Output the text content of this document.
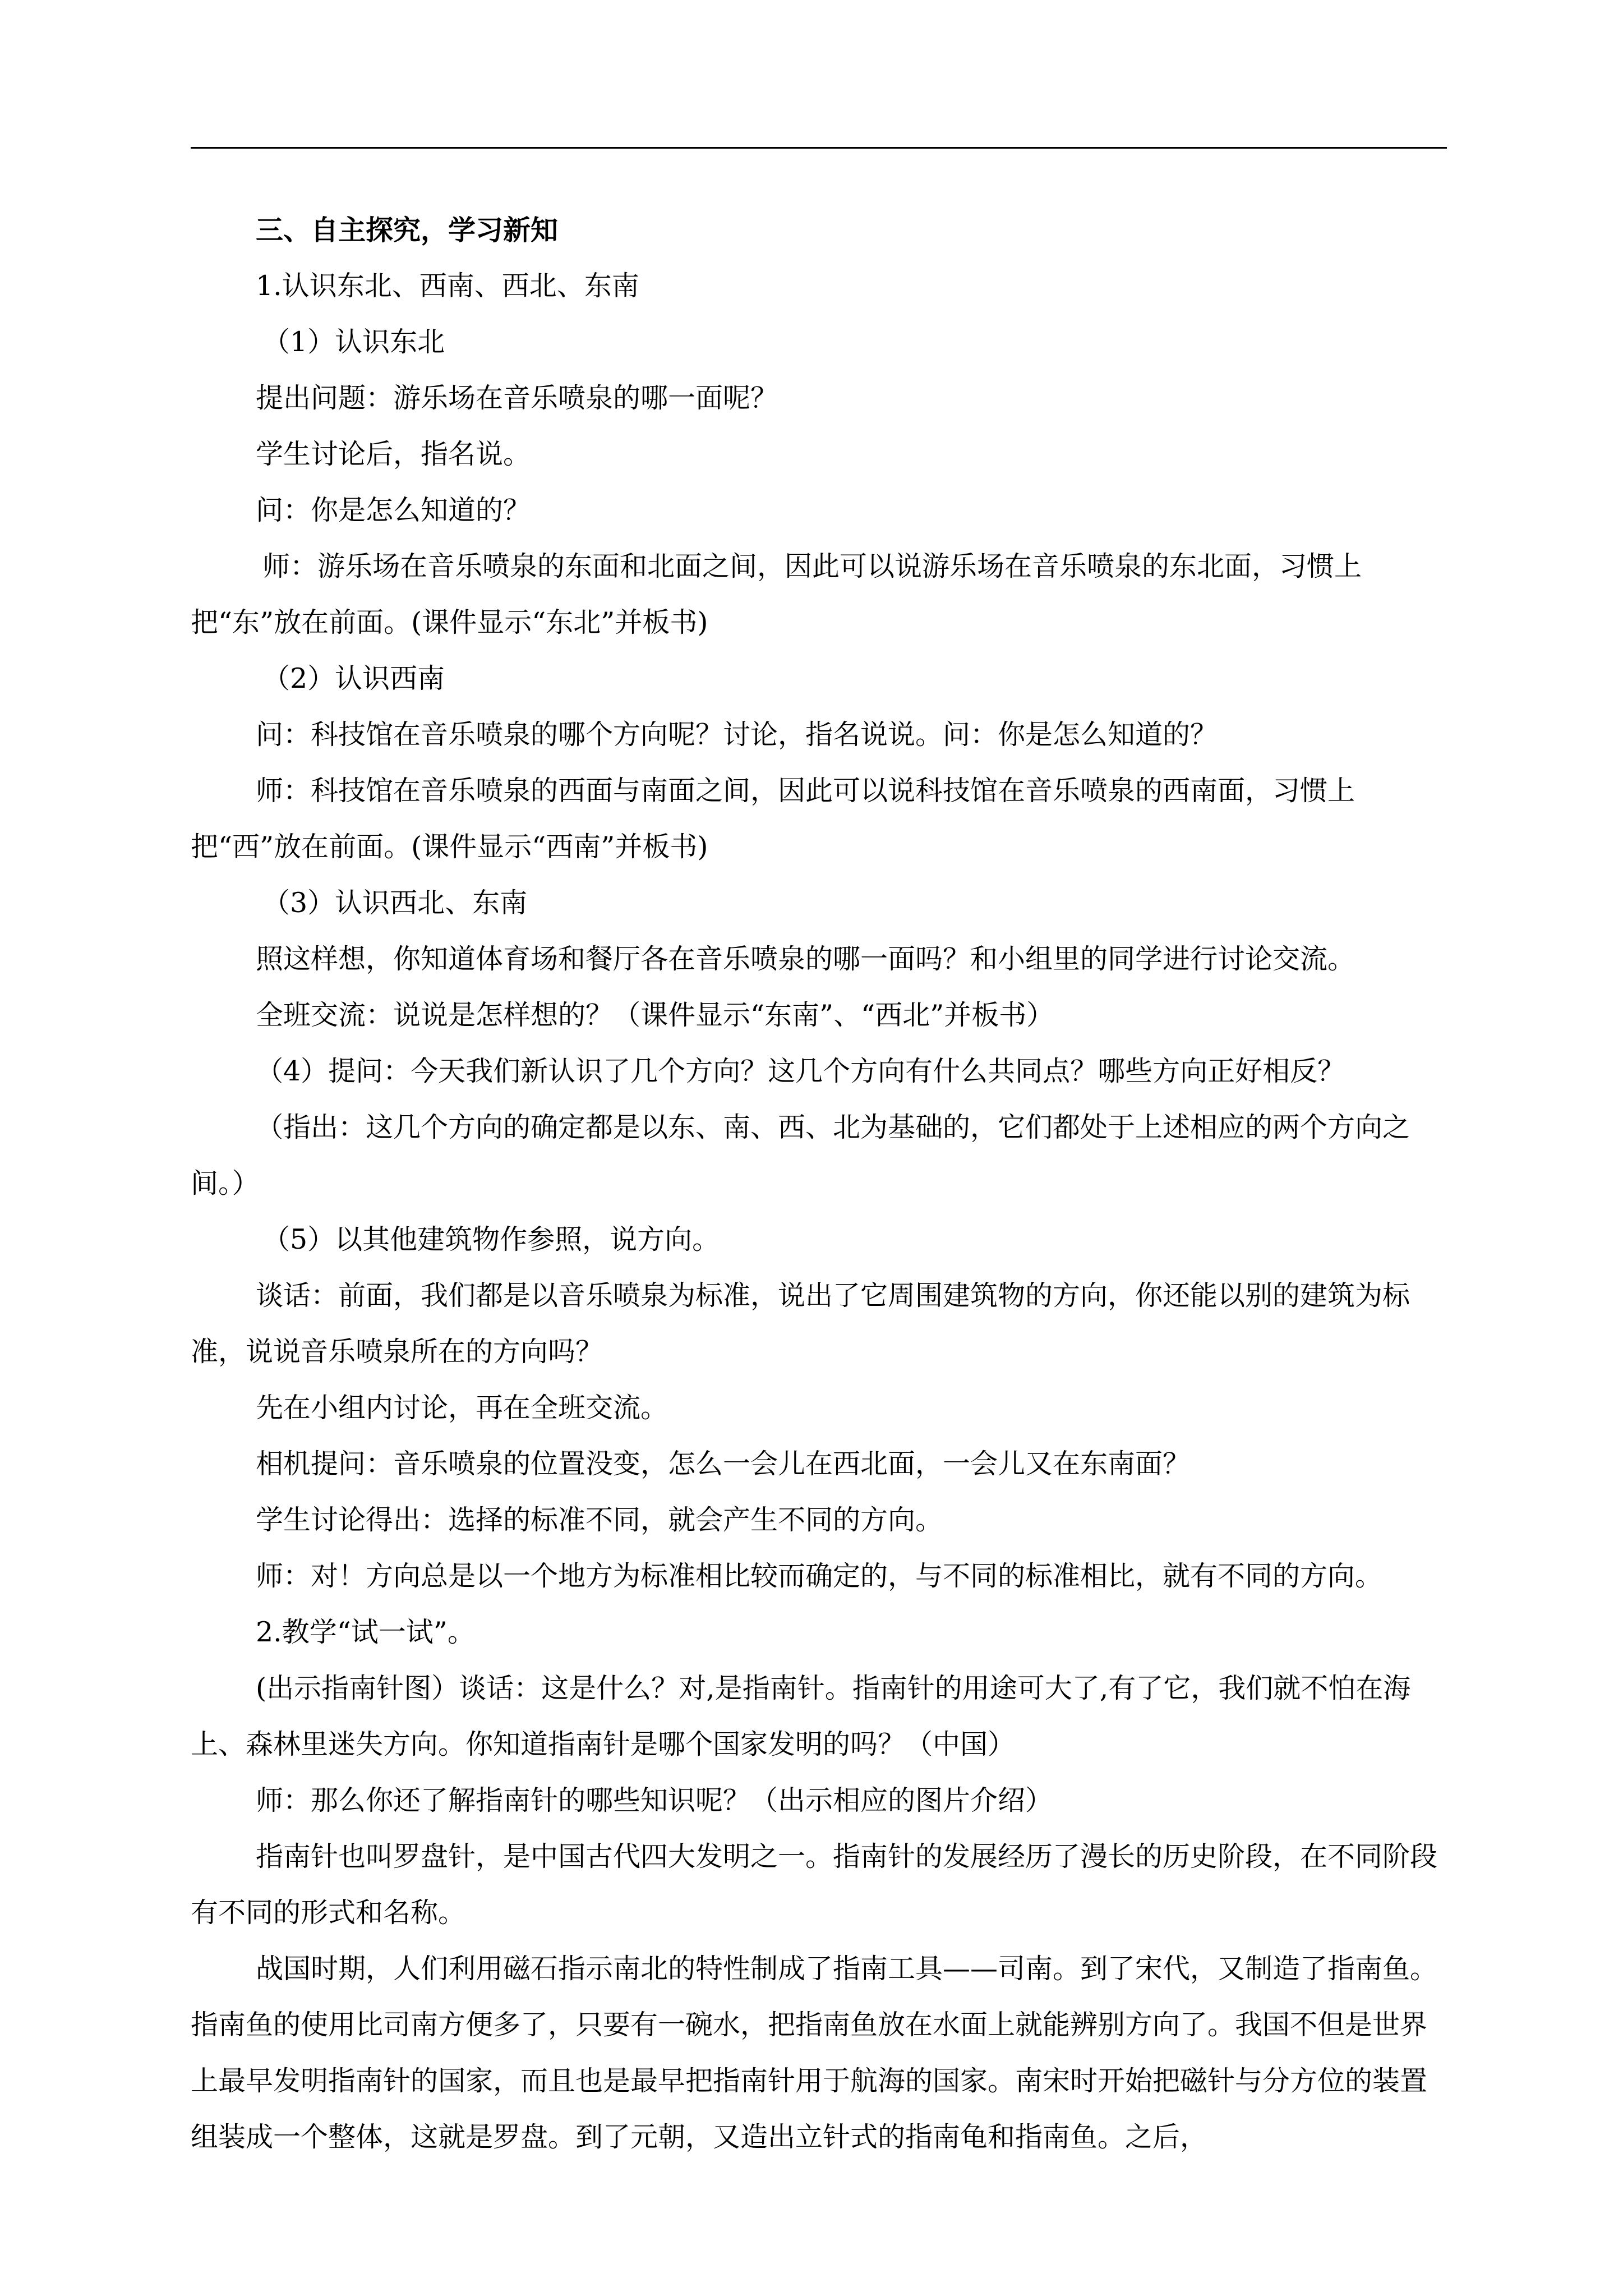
三、自主探究，学习新知

1.认识东北、西南、西北、东南

（1）认识东北

提出问题：游乐场在音乐喷泉的哪一面呢？

学生讨论后，指名说。

问：你是怎么知道的？

师：游乐场在音乐喷泉的东面和北面之间，因此可以说游乐场在音乐喷泉的东北面，习惯上把“东”放在前面。(课件显示“东北”并板书)

（2）认识西南

问：科技馆在音乐喷泉的哪个方向呢？讨论，指名说说。问：你是怎么知道的？

师：科技馆在音乐喷泉的西面与南面之间，因此可以说科技馆在音乐喷泉的西南面，习惯上把“西”放在前面。(课件显示“西南”并板书)

（3）认识西北、东南

照这样想，你知道体育场和餐厅各在音乐喷泉的哪一面吗？和小组里的同学进行讨论交流。

全班交流：说说是怎样想的？（课件显示“东南”、“西北”并板书）

（4）提问：今天我们新认识了几个方向？这几个方向有什么共同点？哪些方向正好相反？

（指出：这几个方向的确定都是以东、南、西、北为基础的，它们都处于上述相应的两个方向之间。）

（5）以其他建筑物作参照，说方向。

谈话：前面，我们都是以音乐喷泉为标准，说出了它周围建筑物的方向，你还能以别的建筑为标准，说说音乐喷泉所在的方向吗？

先在小组内讨论，再在全班交流。

相机提问：音乐喷泉的位置没变，怎么一会儿在西北面，一会儿又在东南面？

学生讨论得出：选择的标准不同，就会产生不同的方向。

师：对！方向总是以一个地方为标准相比较而确定的，与不同的标准相比，就有不同的方向。

2.教学“试一试”。

(出示指南针图）谈话：这是什么？对,是指南针。指南针的用途可大了,有了它，我们就不怕在海上、森林里迷失方向。你知道指南针是哪个国家发明的吗？（中国）

师：那么你还了解指南针的哪些知识呢？（出示相应的图片介绍）

指南针也叫罗盘针，是中国古代四大发明之一。指南针的发展经历了漫长的历史阶段，在不同阶段有不同的形式和名称。

战国时期，人们利用磁石指示南北的特性制成了指南工具——司南。到了宋代，又制造了指南鱼。指南鱼的使用比司南方便多了，只要有一碗水，把指南鱼放在水面上就能辨别方向了。我国不但是世界上最早发明指南针的国家，而且也是最早把指南针用于航海的国家。南宋时开始把磁针与分方位的装置组装成一个整体，这就是罗盘。到了元朝，又造出立针式的指南龟和指南鱼。之后，
